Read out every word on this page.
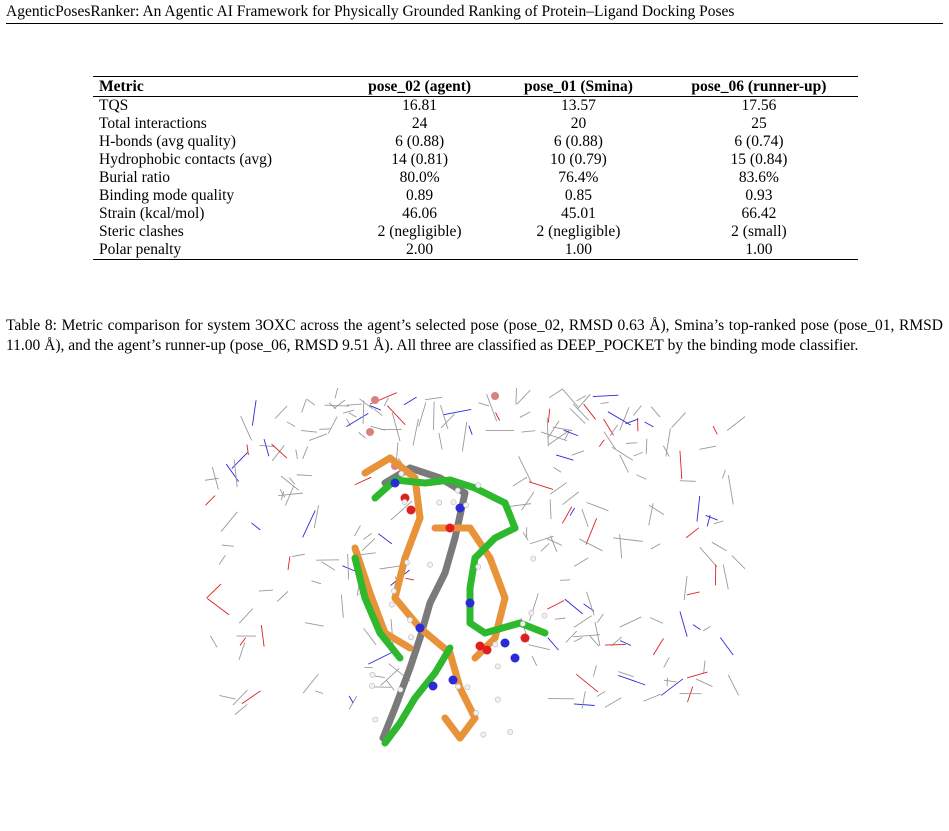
AgenticPosesRanker: An Agentic AI Framework for Physically Grounded Ranking of Protein–Ligand Docking Poses
Metric	pose_02 (agent)	pose_01 (Smina)	pose_06 (runner-up)
TQS	16.81	13.57	17.56
Total interactions	24	20	25
H-bonds (avg quality)	6 (0.88)	6 (0.88)	6 (0.74)
Hydrophobic contacts (avg)	14 (0.81)	10 (0.79)	15 (0.84)
Burial ratio	80.0%	76.4%	83.6%
Binding mode quality	0.89	0.85	0.93
Strain (kcal/mol)	46.06	45.01	66.42
Steric clashes	2 (negligible)	2 (negligible)	2 (small)
Polar penalty	2.00	1.00	1.00
Table 8: Metric comparison for system 3OXC across the agent’s selected pose (pose_02, RMSD 0.63 Å), Smina’s top-ranked pose (pose_01, RMSD 11.00 Å), and the agent’s runner-up (pose_06, RMSD 9.51 Å). All three are classified as DEEP_POCKET by the binding mode classifier.
